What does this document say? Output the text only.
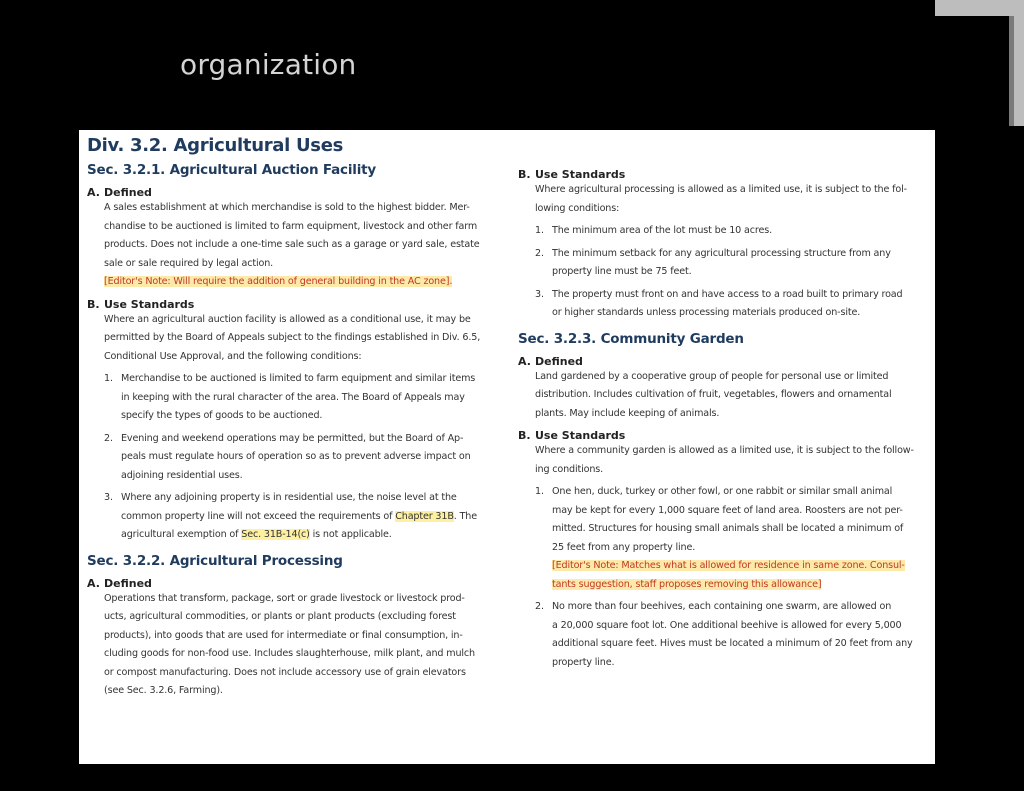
organization
Div. 3.2. Agricultural Uses
Sec. 3.2.1. Agricultural Auction Facility
A. Defined
A sales establishment at which merchandise is sold to the highest bidder. Mer-
chandise to be auctioned is limited to farm equipment, livestock and other farm
products. Does not include a one-time sale such as a garage or yard sale, estate
sale or sale required by legal action.
[Editor's Note: Will require the addition of general building in the AC zone].
B. Use Standards
Where an agricultural auction facility is allowed as a conditional use, it may be
permitted by the Board of Appeals subject to the findings established in Div. 6.5,
Conditional Use Approval, and the following conditions:
1. Merchandise to be auctioned is limited to farm equipment and similar items
in keeping with the rural character of the area. The Board of Appeals may
specify the types of goods to be auctioned.
2. Evening and weekend operations may be permitted, but the Board of Ap-
peals must regulate hours of operation so as to prevent adverse impact on
adjoining residential uses.
3. Where any adjoining property is in residential use, the noise level at the
common property line will not exceed the requirements of Chapter 31B. The
agricultural exemption of Sec. 31B-14(c) is not applicable.
Sec. 3.2.2. Agricultural Processing
A. Defined
Operations that transform, package, sort or grade livestock or livestock prod-
ucts, agricultural commodities, or plants or plant products (excluding forest
products), into goods that are used for intermediate or final consumption, in-
cluding goods for non-food use. Includes slaughterhouse, milk plant, and mulch
or compost manufacturing. Does not include accessory use of grain elevators
(see Sec. 3.2.6, Farming).
B. Use Standards
Where agricultural processing is allowed as a limited use, it is subject to the fol-
lowing conditions:
1. The minimum area of the lot must be 10 acres.
2. The minimum setback for any agricultural processing structure from any
property line must be 75 feet.
3. The property must front on and have access to a road built to primary road
or higher standards unless processing materials produced on-site.
Sec. 3.2.3. Community Garden
A. Defined
Land gardened by a cooperative group of people for personal use or limited
distribution. Includes cultivation of fruit, vegetables, flowers and ornamental
plants. May include keeping of animals.
B. Use Standards
Where a community garden is allowed as a limited use, it is subject to the follow-
ing conditions.
1. One hen, duck, turkey or other fowl, or one rabbit or similar small animal
may be kept for every 1,000 square feet of land area. Roosters are not per-
mitted. Structures for housing small animals shall be located a minimum of
25 feet from any property line.
[Editor's Note: Matches what is allowed for residence in same zone. Consul-
tants suggestion, staff proposes removing this allowance]
2. No more than four beehives, each containing one swarm, are allowed on
a 20,000 square foot lot. One additional beehive is allowed for every 5,000
additional square feet. Hives must be located a minimum of 20 feet from any
property line.
